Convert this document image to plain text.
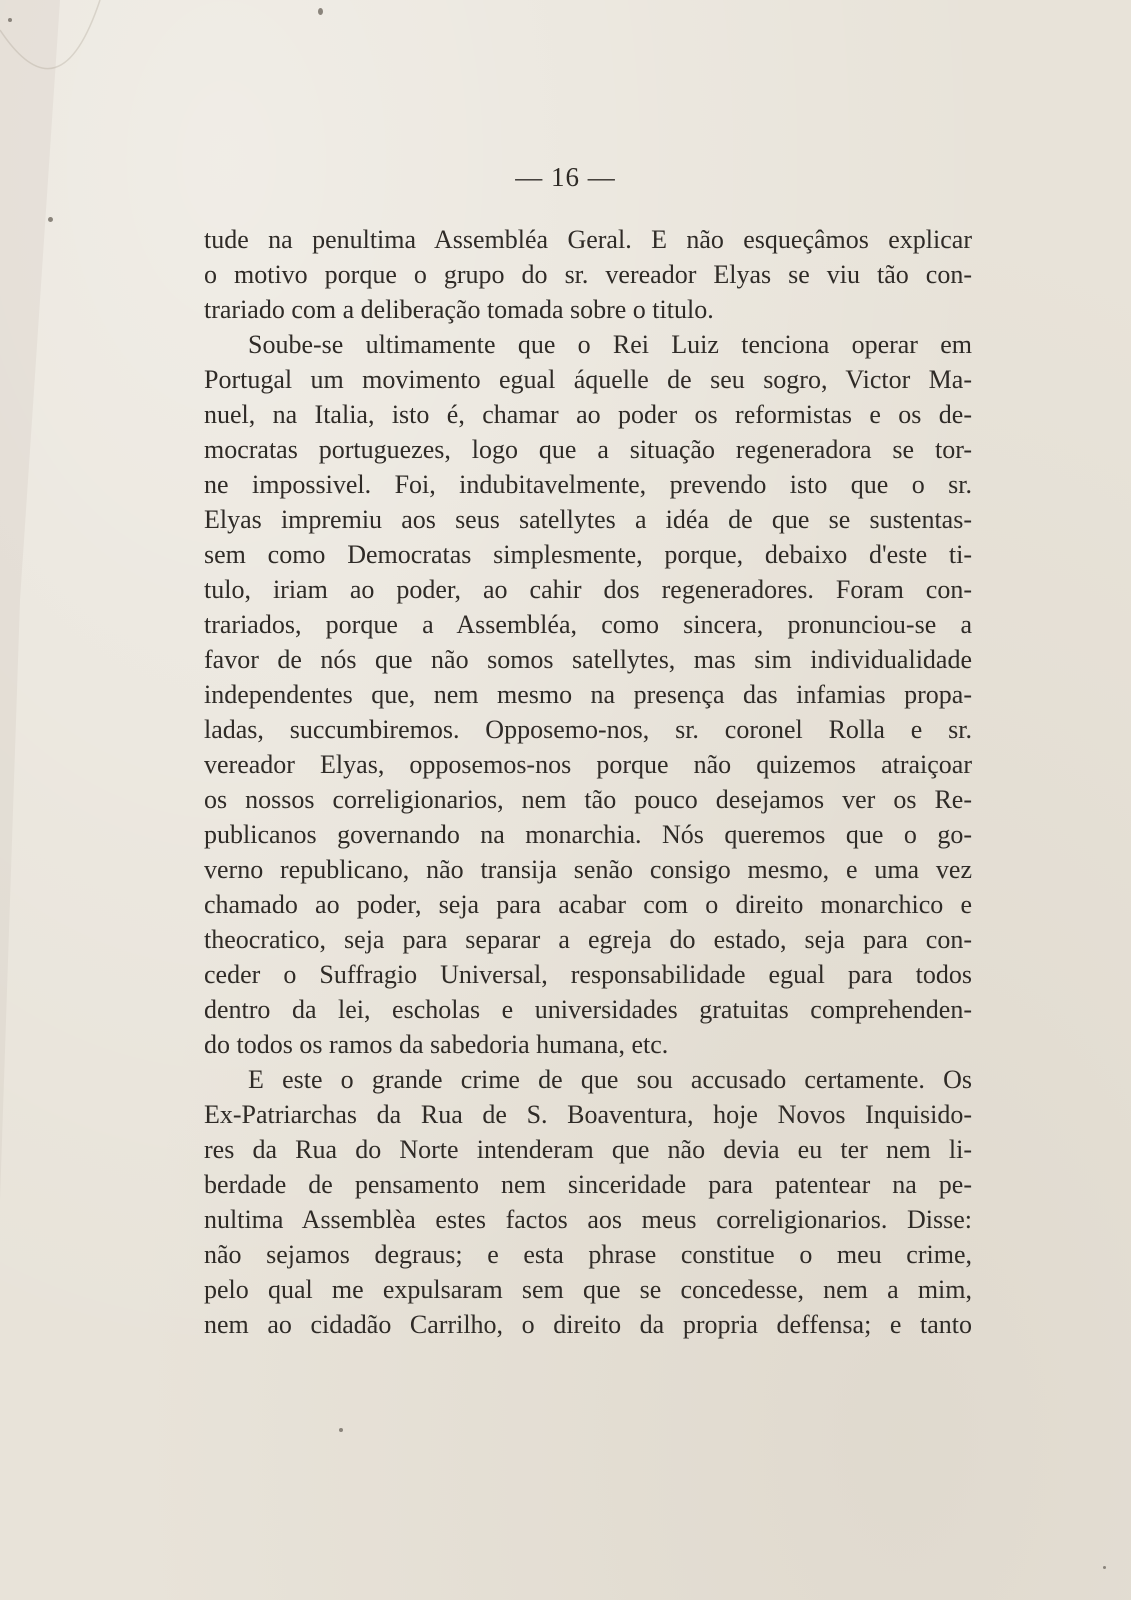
— 16 —
tude na penultima Assembléa Geral. E não esqueçâmos explicar
o motivo porque o grupo do sr. vereador Elyas se viu tão con-
trariado com a deliberação tomada sobre o titulo.
Soube-se ultimamente que o Rei Luiz tenciona operar em
Portugal um movimento egual áquelle de seu sogro, Victor Ma-
nuel, na Italia, isto é, chamar ao poder os reformistas e os de-
mocratas portuguezes, logo que a situação regeneradora se tor-
ne impossivel. Foi, indubitavelmente, prevendo isto que o sr.
Elyas impremiu aos seus satellytes a idéa de que se sustentas-
sem como Democratas simplesmente, porque, debaixo d'este ti-
tulo, iriam ao poder, ao cahir dos regeneradores. Foram con-
trariados, porque a Assembléa, como sincera, pronunciou-se a
favor de nós que não somos satellytes, mas sim individualidade
independentes que, nem mesmo na presença das infamias propa-
ladas, succumbiremos. Opposemo-nos, sr. coronel Rolla e sr.
vereador Elyas, opposemos-nos porque não quizemos atraiçoar
os nossos correligionarios, nem tão pouco desejamos ver os Re-
publicanos governando na monarchia. Nós queremos que o go-
verno republicano, não transija senão consigo mesmo, e uma vez
chamado ao poder, seja para acabar com o direito monarchico e
theocratico, seja para separar a egreja do estado, seja para con-
ceder o Suffragio Universal, responsabilidade egual para todos
dentro da lei, escholas e universidades gratuitas comprehenden-
do todos os ramos da sabedoria humana, etc.
E este o grande crime de que sou accusado certamente. Os
Ex-Patriarchas da Rua de S. Boaventura, hoje Novos Inquisido-
res da Rua do Norte intenderam que não devia eu ter nem li-
berdade de pensamento nem sinceridade para patentear na pe-
nultima Assemblèa estes factos aos meus correligionarios. Disse:
não sejamos degraus; e esta phrase constitue o meu crime,
pelo qual me expulsaram sem que se concedesse, nem a mim,
nem ao cidadão Carrilho, o direito da propria deffensa; e tanto
